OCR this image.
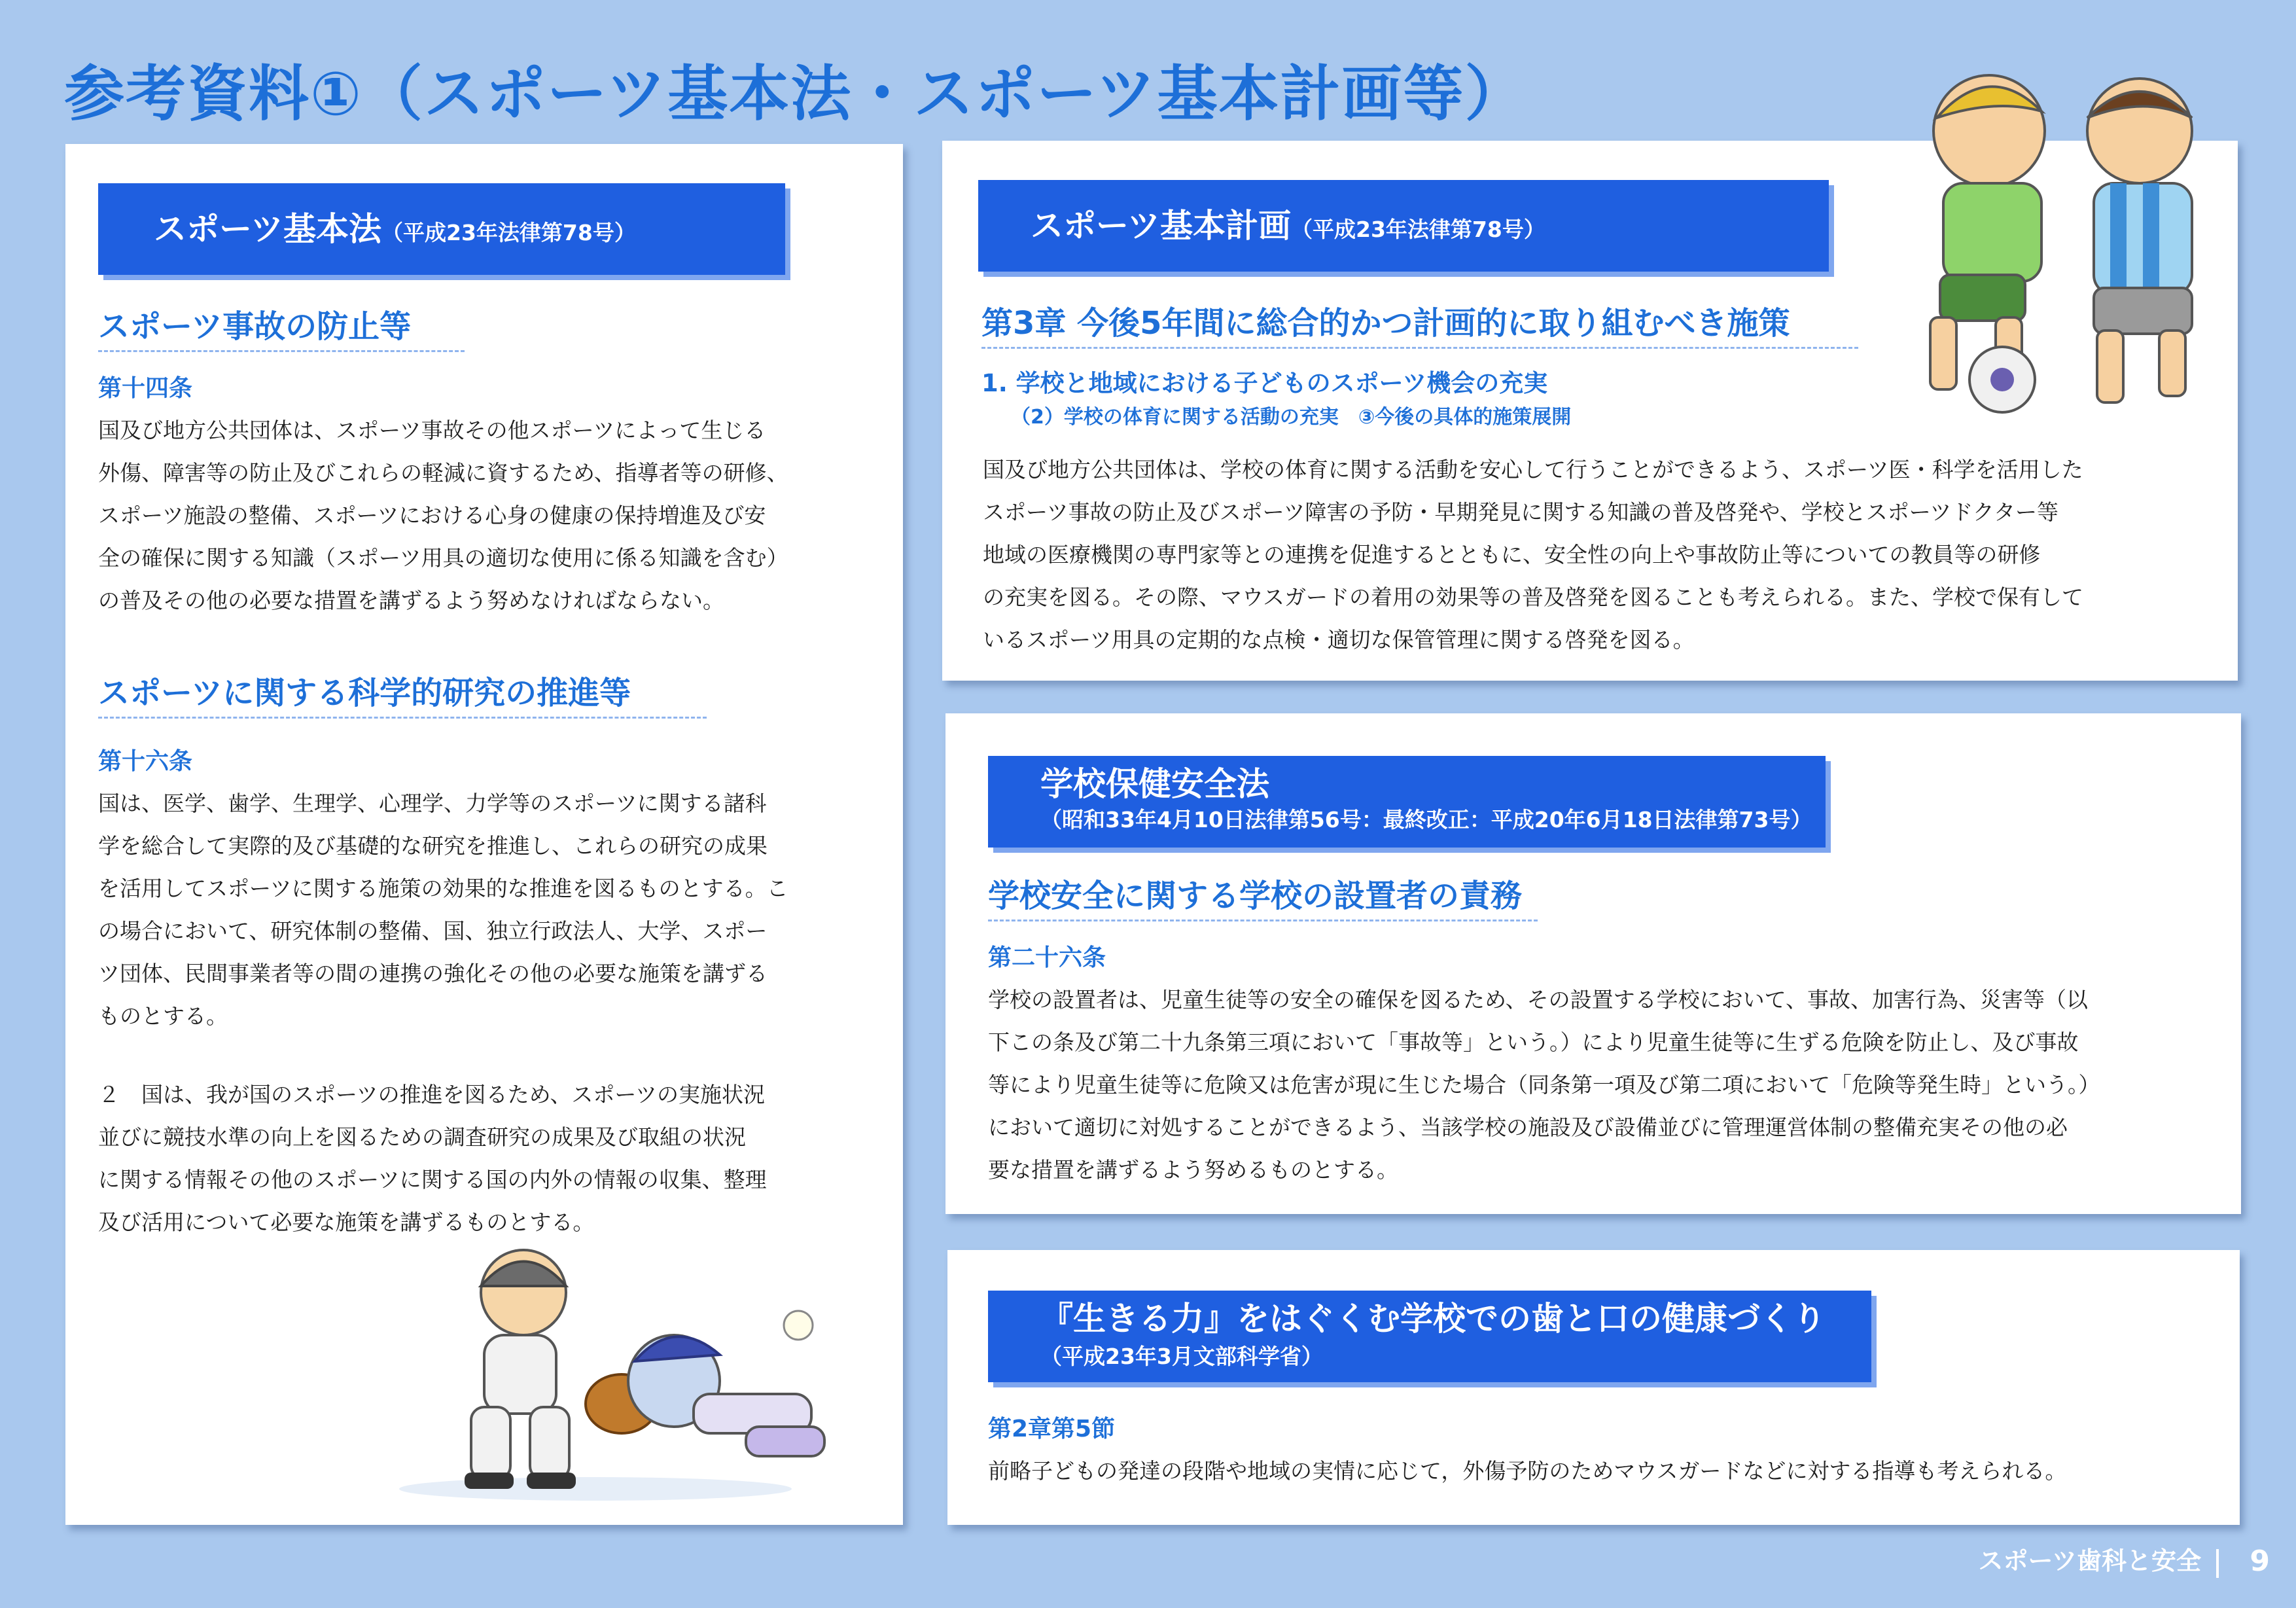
参考資料①（スポーツ基本法・スポーツ基本計画等）
スポーツ基本法（平成23年法律第78号）
スポーツ事故の防止等
第十四条
国及び地方公共団体は、スポーツ事故その他スポーツによって生じる
外傷、障害等の防止及びこれらの軽減に資するため、指導者等の研修、
スポーツ施設の整備、スポーツにおける心身の健康の保持増進及び安
全の確保に関する知識（スポーツ用具の適切な使用に係る知識を含む）
の普及その他の必要な措置を講ずるよう努めなければならない。
スポーツに関する科学的研究の推進等
第十六条
国は、医学、歯学、生理学、心理学、力学等のスポーツに関する諸科
学を総合して実際的及び基礎的な研究を推進し、これらの研究の成果
を活用してスポーツに関する施策の効果的な推進を図るものとする。こ
の場合において、研究体制の整備、国、独立行政法人、大学、スポー
ツ団体、民間事業者等の間の連携の強化その他の必要な施策を講ずる
ものとする。
２　国は、我が国のスポーツの推進を図るため、スポーツの実施状況
並びに競技水準の向上を図るための調査研究の成果及び取組の状況
に関する情報その他のスポーツに関する国の内外の情報の収集、整理
及び活用について必要な施策を講ずるものとする。
スポーツ基本計画（平成23年法律第78号）
第3章 今後5年間に総合的かつ計画的に取り組むべき施策
1. 学校と地域における子どものスポーツ機会の充実
（2）学校の体育に関する活動の充実　③今後の具体的施策展開
国及び地方公共団体は、学校の体育に関する活動を安心して行うことができるよう、スポーツ医・科学を活用した
スポーツ事故の防止及びスポーツ障害の予防・早期発見に関する知識の普及啓発や、学校とスポーツドクター等
地域の医療機関の専門家等との連携を促進するとともに、安全性の向上や事故防止等についての教員等の研修
の充実を図る。その際、マウスガードの着用の効果等の普及啓発を図ることも考えられる。また、学校で保有して
いるスポーツ用具の定期的な点検・適切な保管管理に関する啓発を図る。
学校保健安全法
（昭和33年4月10日法律第56号：最終改正：平成20年6月18日法律第73号）
学校安全に関する学校の設置者の責務
第二十六条
学校の設置者は、児童生徒等の安全の確保を図るため、その設置する学校において、事故、加害行為、災害等（以
下この条及び第二十九条第三項において「事故等」という。）により児童生徒等に生ずる危険を防止し、及び事故
等により児童生徒等に危険又は危害が現に生じた場合（同条第一項及び第二項において「危険等発生時」という。）
において適切に対処することができるよう、当該学校の施設及び設備並びに管理運営体制の整備充実その他の必
要な措置を講ずるよう努めるものとする。
『生きる力』をはぐくむ学校での歯と口の健康づくり
（平成23年3月文部科学省）
第2章第5節
前略子どもの発達の段階や地域の実情に応じて，外傷予防のためマウスガードなどに対する指導も考えられる。
スポーツ歯科と安全 9
